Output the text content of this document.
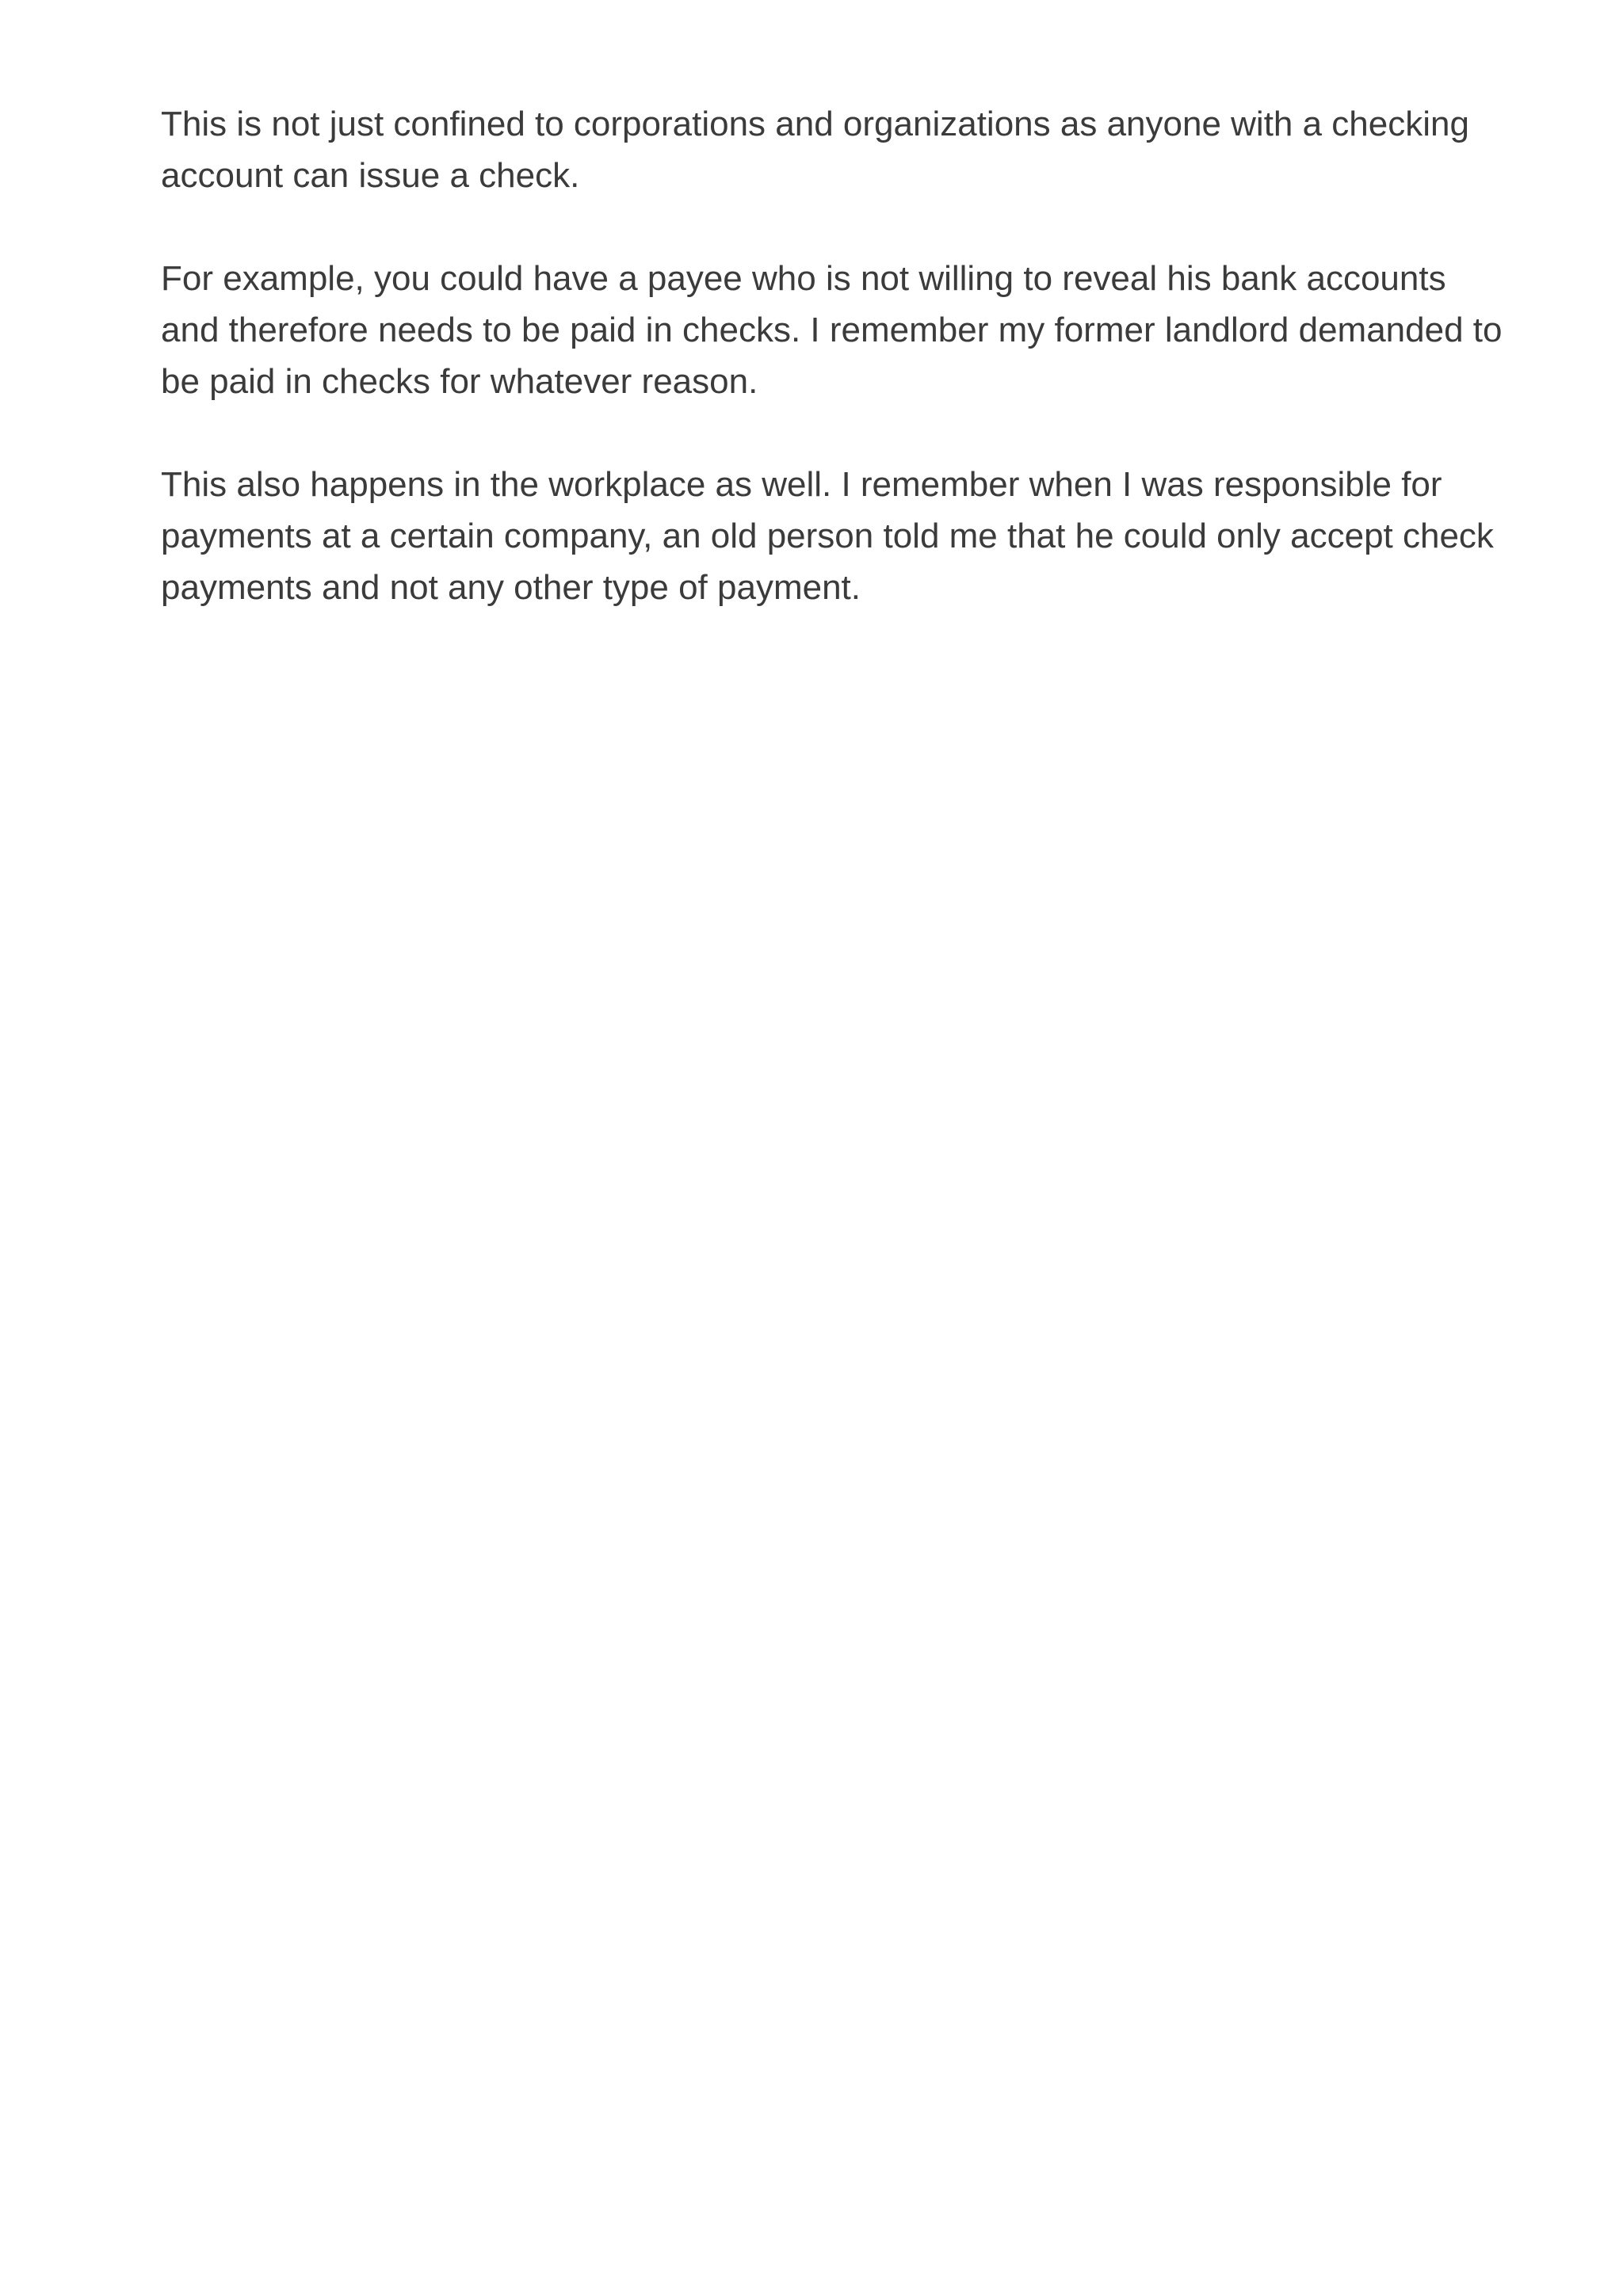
This is not just confined to corporations and organizations as anyone with a checking account can issue a check.

For example, you could have a payee who is not willing to reveal his bank accounts and therefore needs to be paid in checks. I remember my former landlord demanded to be paid in checks for whatever reason.

This also happens in the workplace as well. I remember when I was responsible for payments at a certain company, an old person told me that he could only accept check payments and not any other type of payment.
